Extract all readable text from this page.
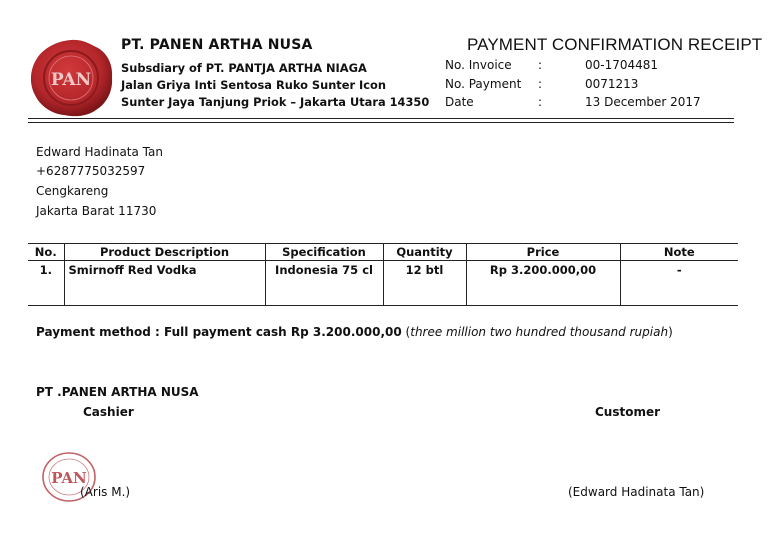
PAN
PT. PANEN ARTHA NUSA
Subsdiary of PT. PANTJA ARTHA NIAGA
Jalan Griya Inti Sentosa Ruko Sunter Icon
Sunter Jaya Tanjung Priok – Jakarta Utara 14350
PAYMENT CONFIRMATION RECEIPT
No. Invoice :	00-1704481
No. Payment :	0071213
Date	:	13 December 2017
Edward Hadinata Tan
+6287775032597
Cengkareng
Jakarta Barat 11730
No.	Product Description	Specification	Quantity	Price	Note
1.	Smirnoff Red Vodka	Indonesia 75 cl	12 btl	Rp 3.200.000,00	-
Payment method : Full payment cash Rp 3.200.000,00 (three million two hundred thousand rupiah)
PT .PANEN ARTHA NUSA
Cashier	Customer
PAN
(Aris M.)	(Edward Hadinata Tan)
